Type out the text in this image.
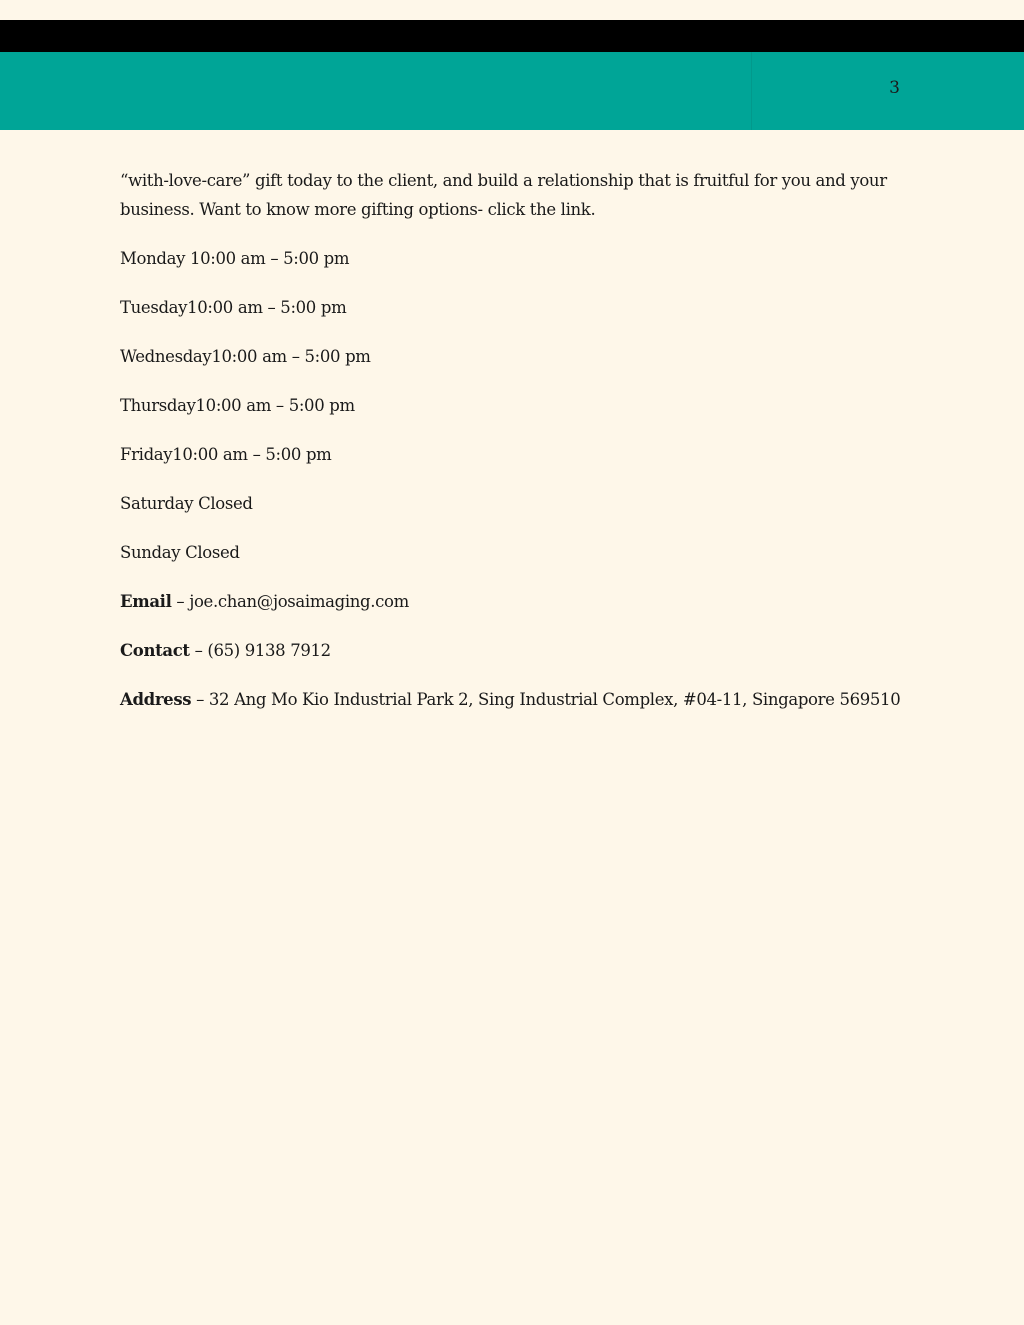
3

“with-love-care” gift today to the client, and build a relationship that is fruitful for you and your business. Want to know more gifting options- click the link.

Monday 10:00 am – 5:00 pm
Tuesday10:00 am – 5:00 pm
Wednesday10:00 am – 5:00 pm
Thursday10:00 am – 5:00 pm
Friday10:00 am – 5:00 pm
Saturday Closed
Sunday Closed
Email – joe.chan@josaimaging.com
Contact – (65) 9138 7912
Address – 32 Ang Mo Kio Industrial Park 2, Sing Industrial Complex, #04-11, Singapore 569510
